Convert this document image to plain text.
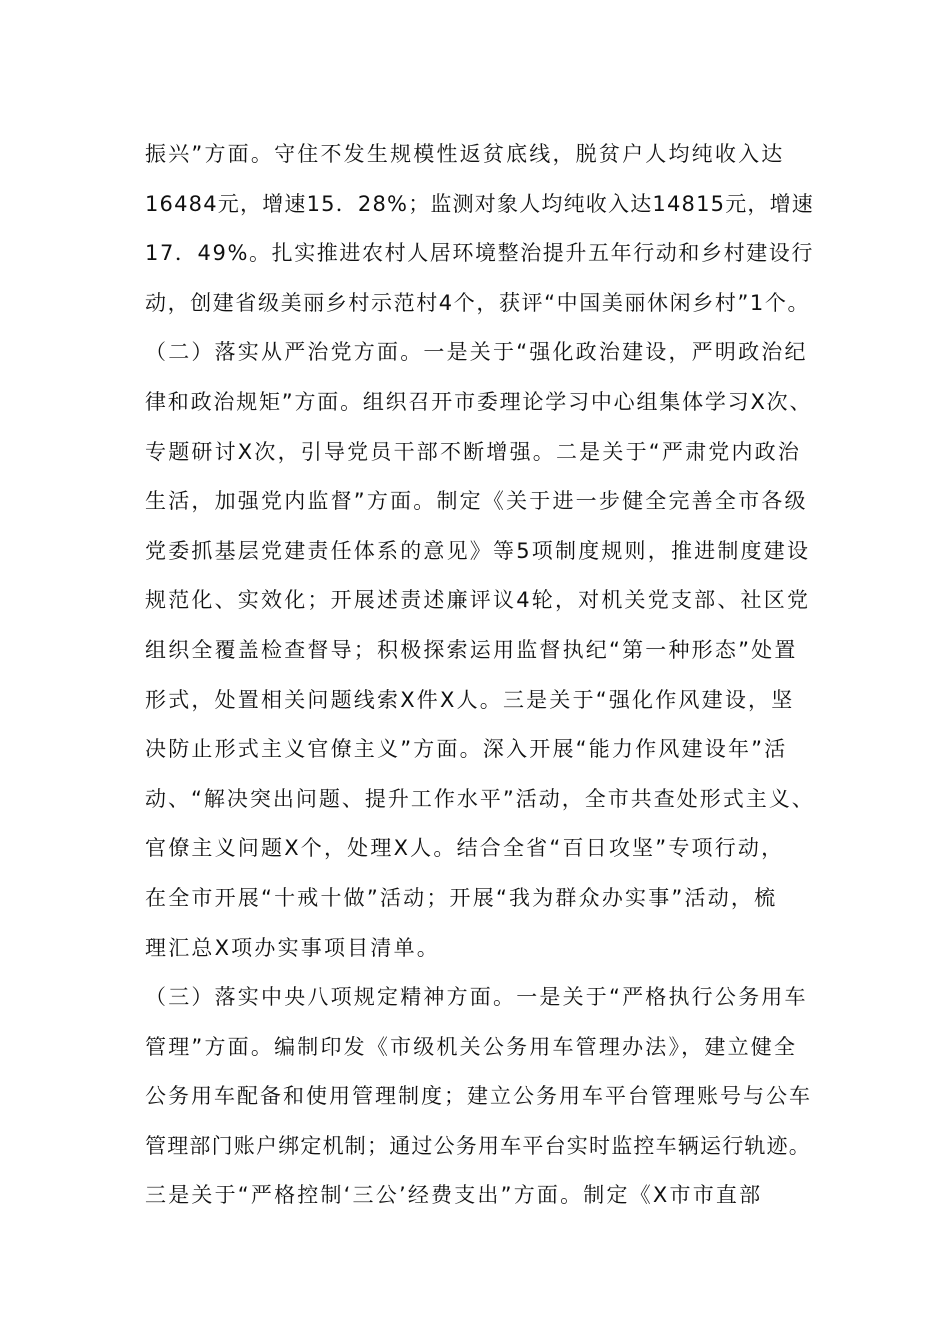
振兴”方面。守住不发生规模性返贫底线，脱贫户人均纯收入达
16484元，增速15．28%；监测对象人均纯收入达14815元，增速
17．49%。扎实推进农村人居环境整治提升五年行动和乡村建设行
动，创建省级美丽乡村示范村4个，获评“中国美丽休闲乡村”1个。
（二）落实从严治党方面。一是关于“强化政治建设，严明政治纪
律和政治规矩”方面。组织召开市委理论学习中心组集体学习X次、
专题研讨X次，引导党员干部不断增强。二是关于“严肃党内政治
生活，加强党内监督”方面。制定《关于进一步健全完善全市各级
党委抓基层党建责任体系的意见》等5项制度规则，推进制度建设
规范化、实效化；开展述责述廉评议4轮，对机关党支部、社区党
组织全覆盖检查督导；积极探索运用监督执纪“第一种形态”处置
形式，处置相关问题线索X件X人。三是关于“强化作风建设，坚
决防止形式主义官僚主义”方面。深入开展“能力作风建设年”活
动、“解决突出问题、提升工作水平”活动，全市共查处形式主义、
官僚主义问题X个，处理X人。结合全省“百日攻坚”专项行动，
在全市开展“十戒十做”活动；开展“我为群众办实事”活动，梳
理汇总X项办实事项目清单。
（三）落实中央八项规定精神方面。一是关于“严格执行公务用车
管理”方面。编制印发《市级机关公务用车管理办法》，建立健全
公务用车配备和使用管理制度；建立公务用车平台管理账号与公车
管理部门账户绑定机制；通过公务用车平台实时监控车辆运行轨迹。
三是关于“严格控制‘三公’经费支出”方面。制定《X市市直部
